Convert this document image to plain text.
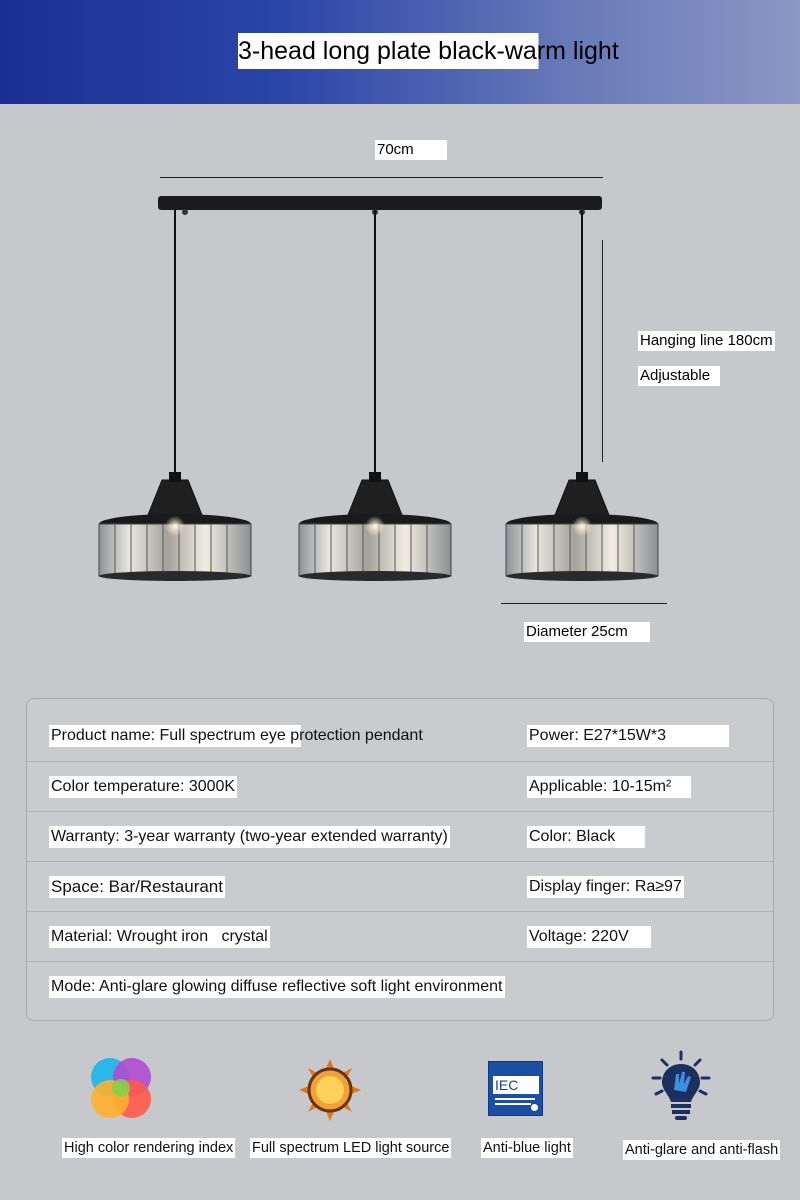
3-head long plate black-warm light
70cm
Hanging line 180cm
Adjustable
Diameter 25cm
Product name: Full spectrum eye protection pendant	Power: E27*15W*3
Color temperature: 3000K	Applicable: 10-15m²
Warranty: 3-year warranty (two-year extended warranty)	Color: Black
Space: Bar/Restaurant	Display finger: Ra≥97
Material: Wrought iron   crystal	Voltage: 220V
Mode: Anti-glare glowing diffuse reflective soft light environment
High color rendering index Full spectrum LED light source
IEC
Anti-blue light	Anti-glare and anti-flash
